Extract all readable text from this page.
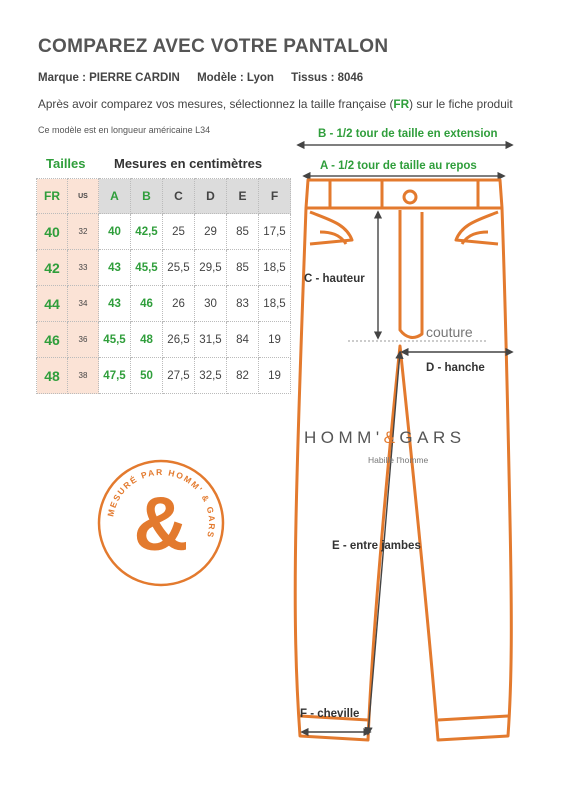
COMPAREZ AVEC VOTRE PANTALON
Marque : PIERRE CARDIN Modèle : Lyon Tissus : 8046
Après avoir comparez vos mesures, sélectionnez la taille française (FR) sur le fiche produit
Ce modèle est en longueur américaine L34
Tailles Mesures en centimètres
FR	US	A	B	C	D	E	F
40	32	40	42,5	25	29	85	17,5
42	33	43	45,5	25,5	29,5	85	18,5
44	34	43	46	26	30	83	18,5
46	36	45,5	48	26,5	31,5	84	19
48	38	47,5	50	27,5	32,5	82	19
MESURÉ PAR HOMM' & GARS
&
B - 1/2 tour de taille en extension
A - 1/2 tour de taille au repos
C - hauteur
couture
D - hanche
HOMM'&GARS
Habille l'homme
E - entre jambes
F - cheville
